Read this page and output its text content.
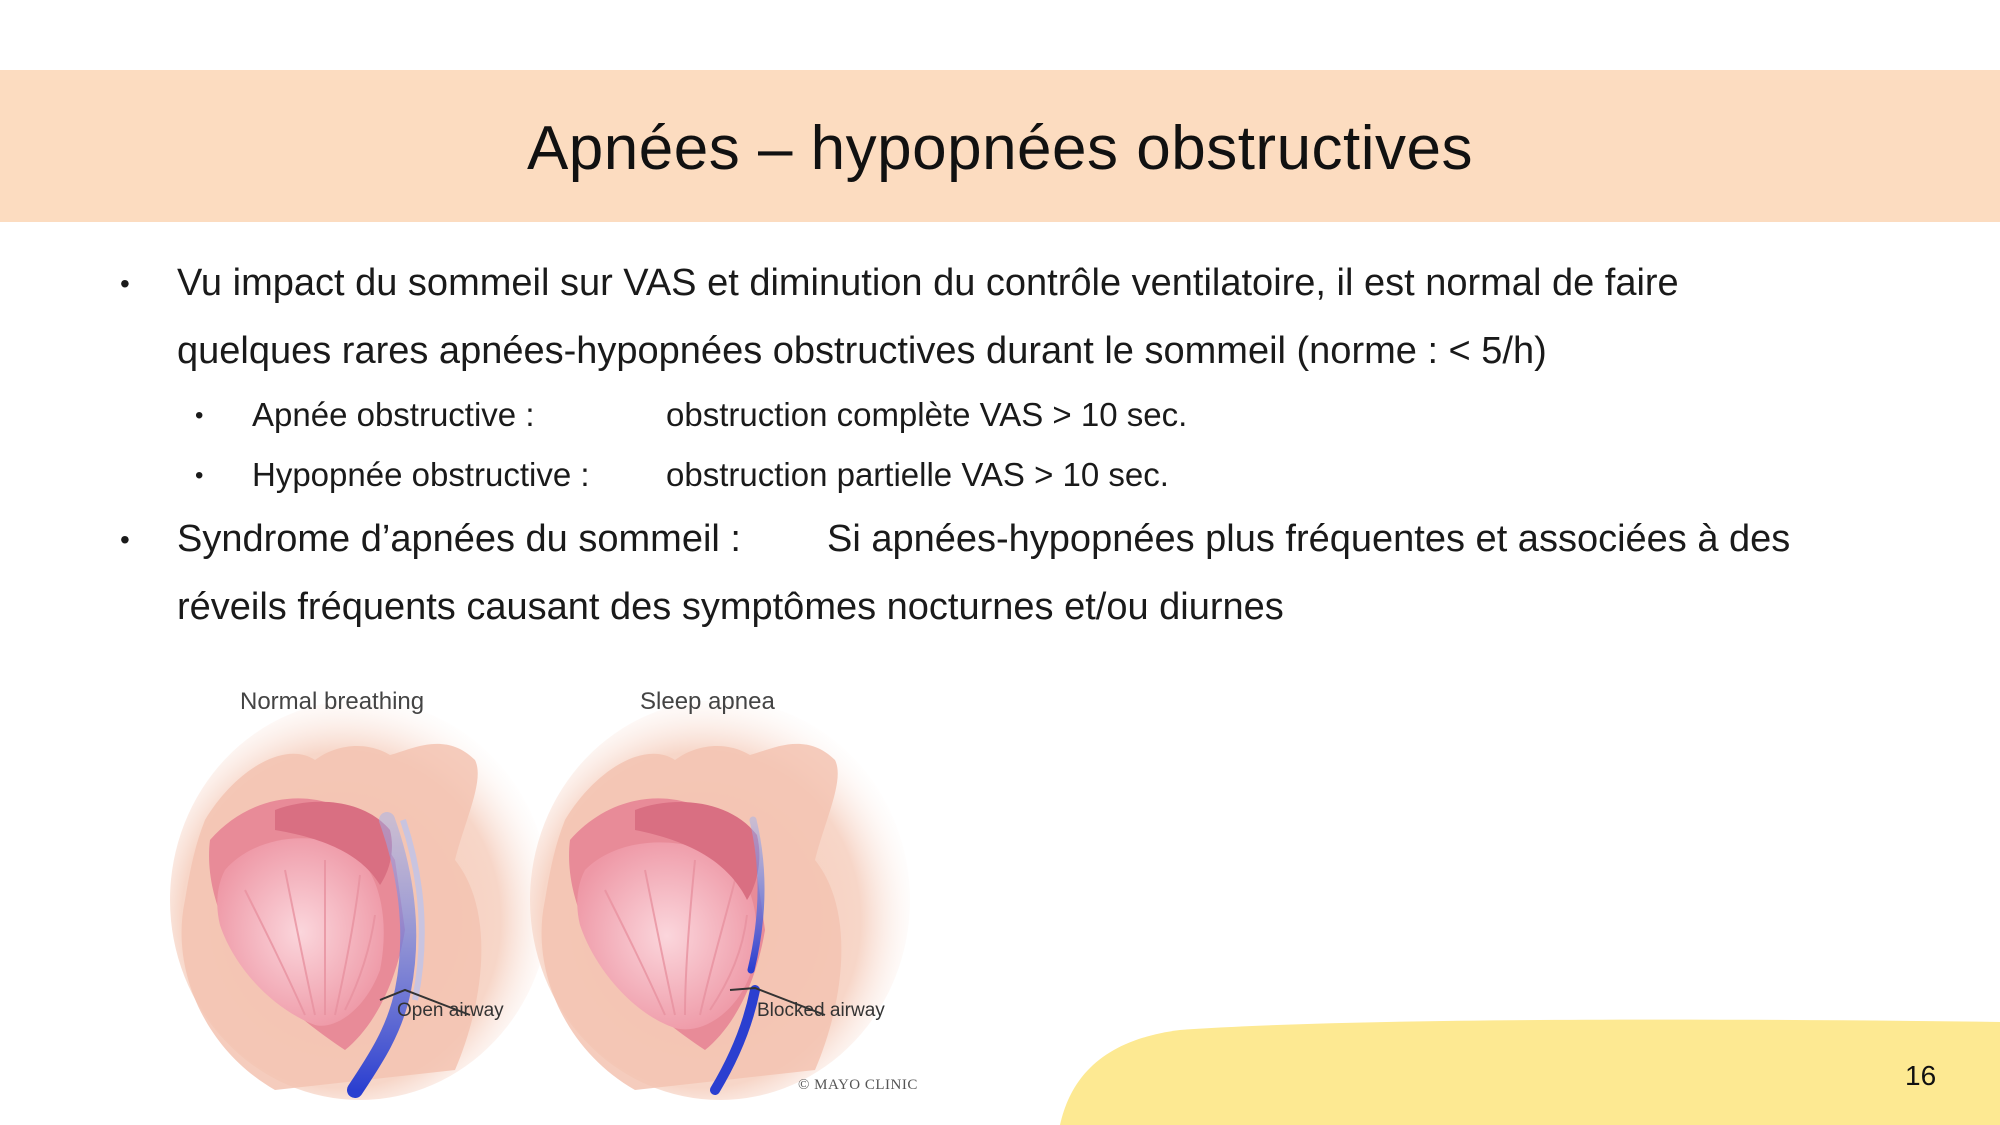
Apnées – hypopnées obstructives
• Vu impact du sommeil sur VAS et diminution du contrôle ventilatoire, il est normal de faire
quelques rares apnées-hypopnées obstructives durant le sommeil (norme : < 5/h)
• Apnée obstructive :	obstruction complète VAS > 10 sec.
• Hypopnée obstructive : obstruction partielle VAS > 10 sec.
• Syndrome d’apnées du sommeil : Si apnées-hypopnées plus fréquentes et associées à des
réveils fréquents causant des symptômes nocturnes et/ou diurnes
Normal breathing	Sleep apnea
Open airway	Blocked airway
© MAYO CLINIC	16
